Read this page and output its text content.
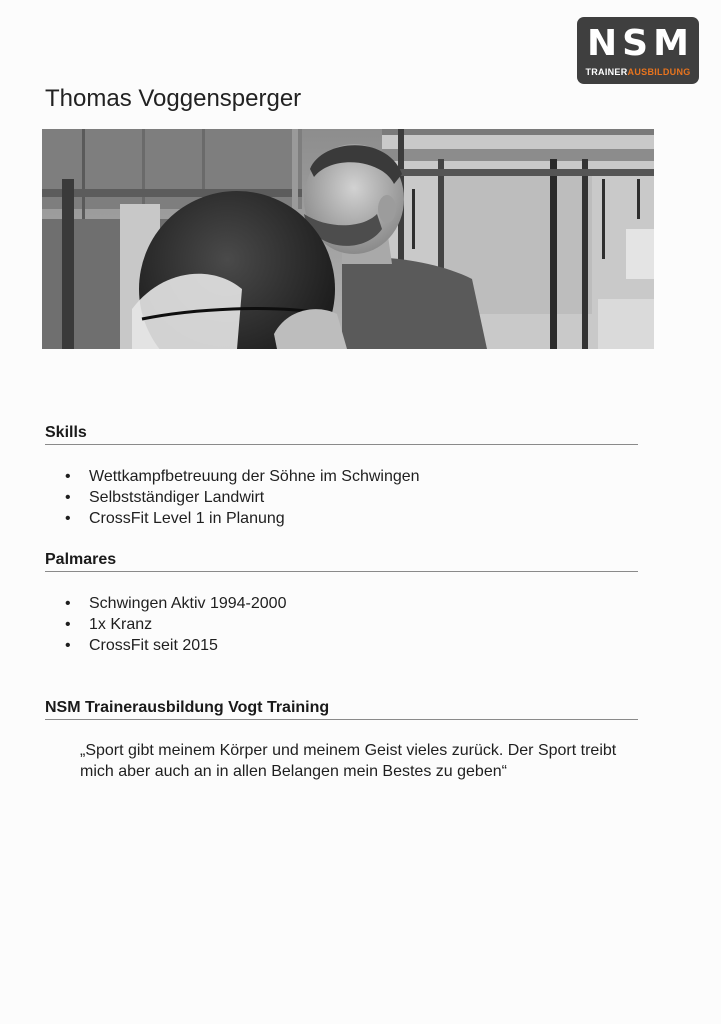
NSM
TRAINERAUSBILDUNG
Thomas Voggensperger
Skills
• Wettkampfbetreuung der Söhne im Schwingen
• Selbstständiger Landwirt
• CrossFit Level 1 in Planung
Palmares
• Schwingen Aktiv 1994-2000
• 1x Kranz
• CrossFit seit 2015
NSM Trainerausbildung Vogt Training
„Sport gibt meinem Körper und meinem Geist vieles zurück. Der Sport treibt mich aber auch an in allen Belangen mein Bestes zu geben“
